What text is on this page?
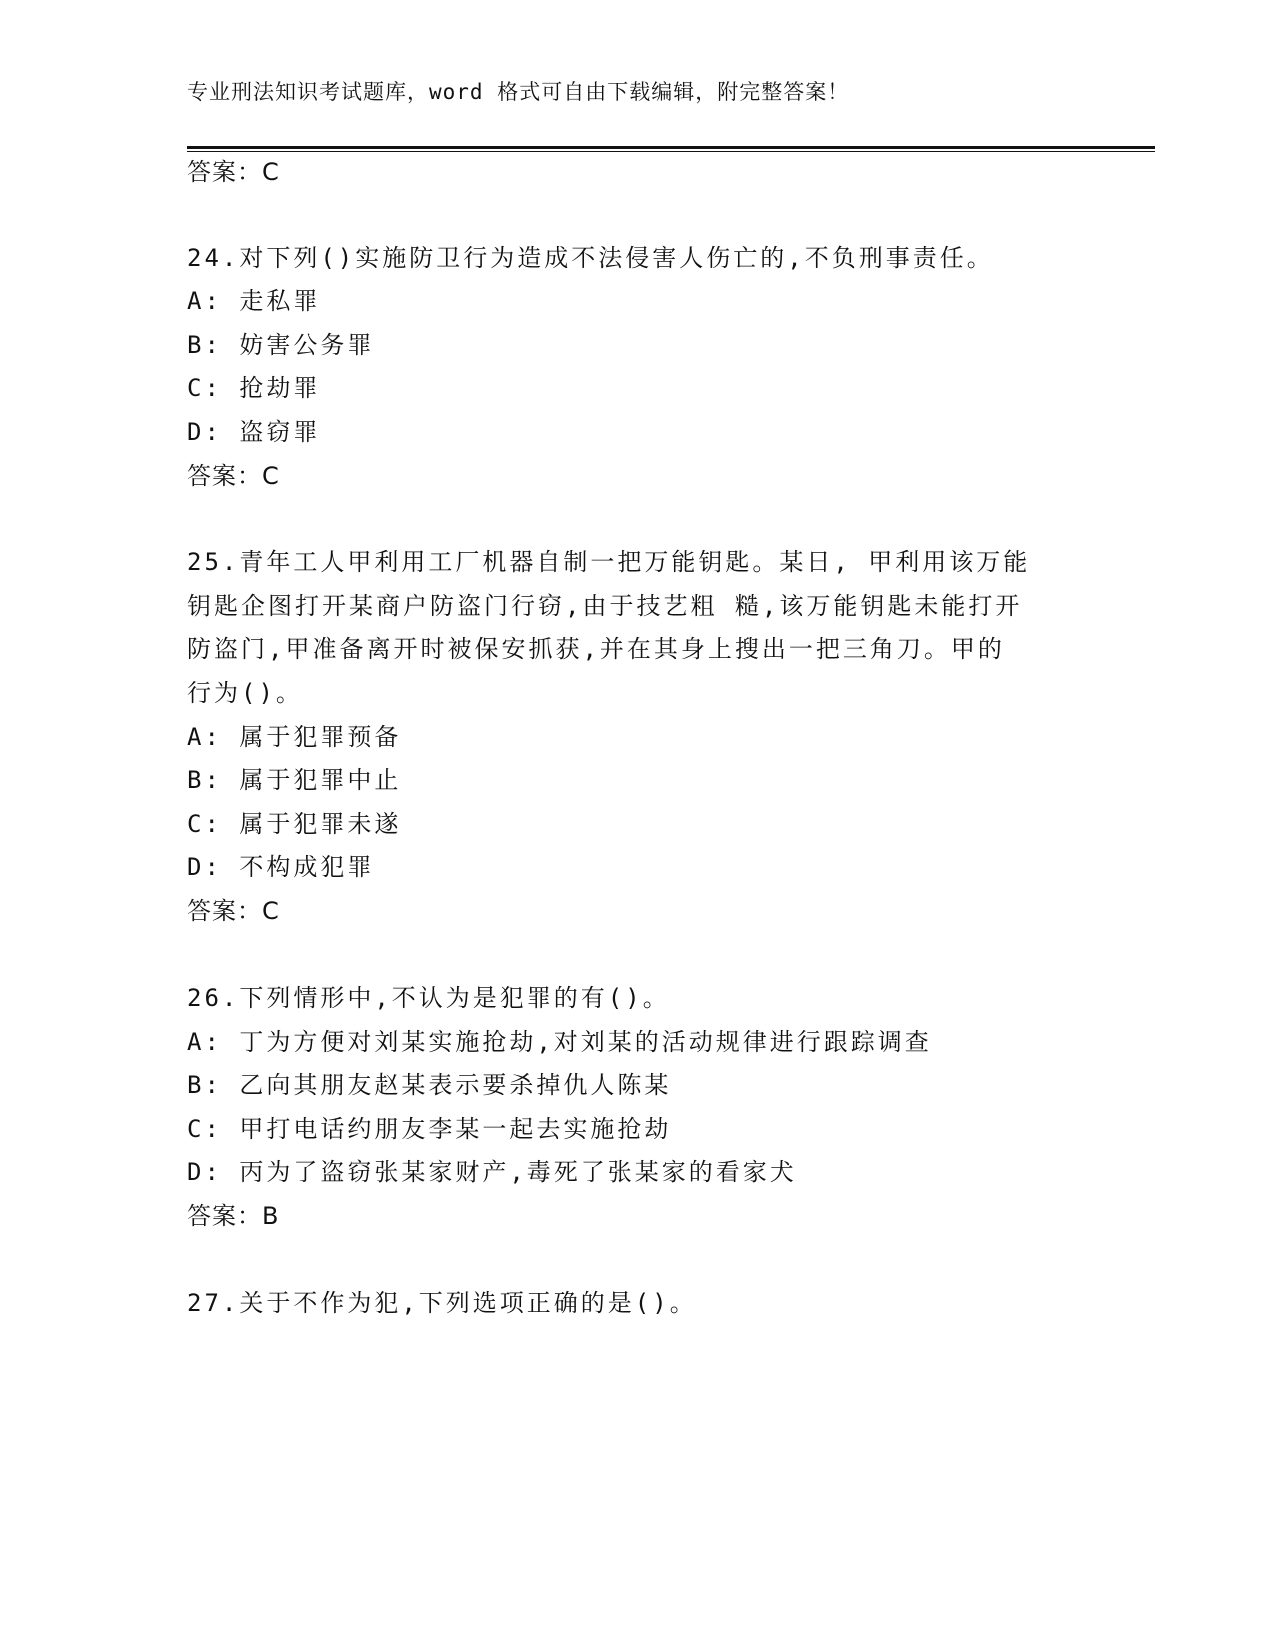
专业刑法知识考试题库，word 格式可自由下载编辑，附完整答案！
答案：C
24.对下列()实施防卫行为造成不法侵害人伤亡的,不负刑事责任。
A: 走私罪
B: 妨害公务罪
C: 抢劫罪
D: 盗窃罪
答案：C
25.青年工人甲利用工厂机器自制一把万能钥匙。某日, 甲利用该万能
钥匙企图打开某商户防盗门行窃,由于技艺粗 糙,该万能钥匙未能打开
防盗门,甲准备离开时被保安抓获,并在其身上搜出一把三角刀。甲的
行为()。
A: 属于犯罪预备
B: 属于犯罪中止
C: 属于犯罪未遂
D: 不构成犯罪
答案：C
26.下列情形中,不认为是犯罪的有()。
A: 丁为方便对刘某实施抢劫,对刘某的活动规律进行跟踪调查
B: 乙向其朋友赵某表示要杀掉仇人陈某
C: 甲打电话约朋友李某一起去实施抢劫
D: 丙为了盗窃张某家财产,毒死了张某家的看家犬
答案：B
27.关于不作为犯,下列选项正确的是()。
